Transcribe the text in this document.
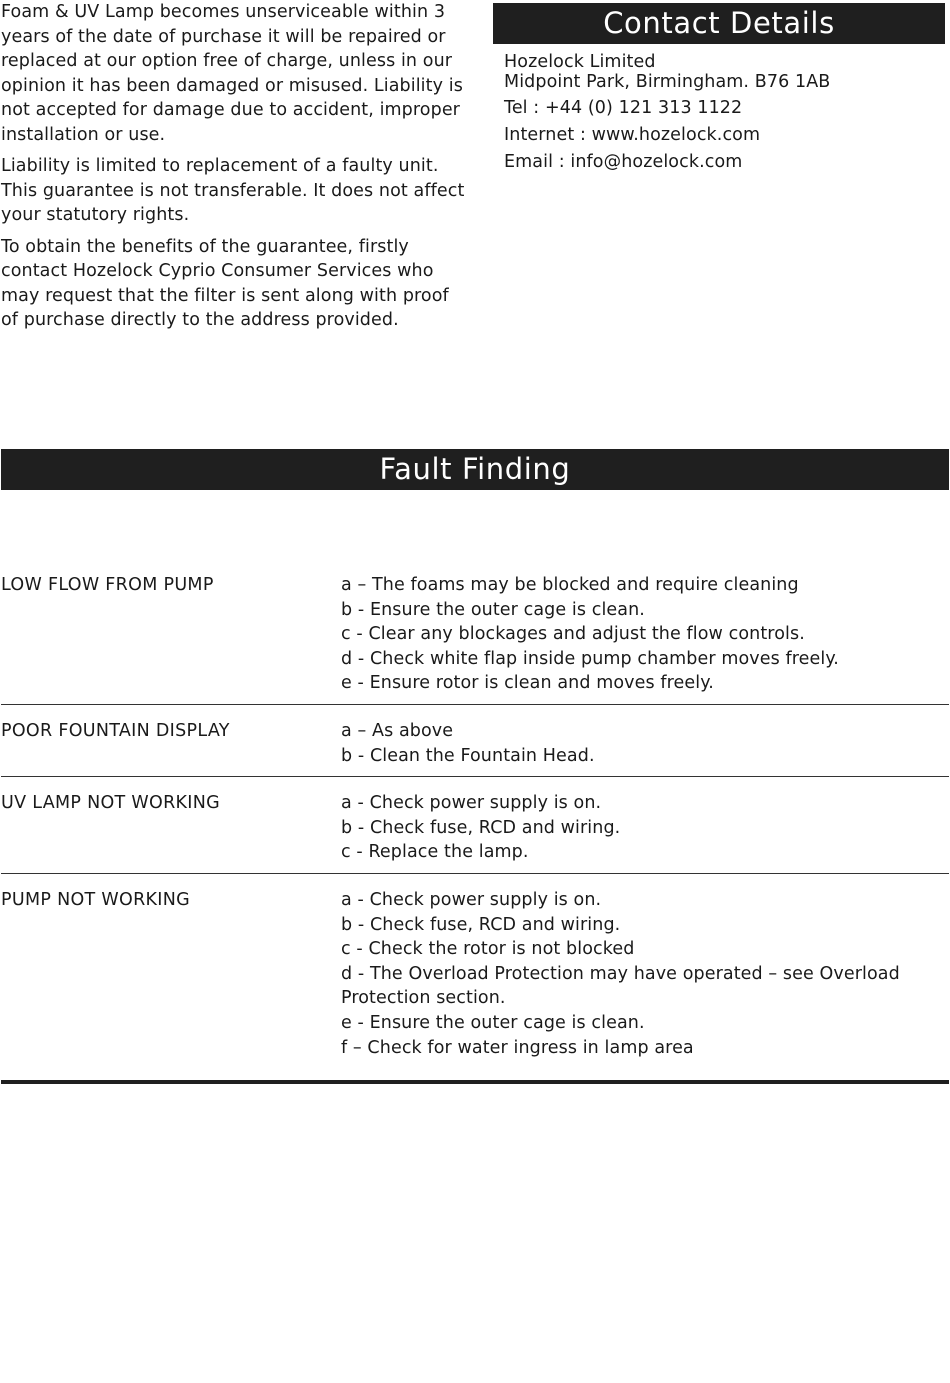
Foam & UV Lamp becomes unserviceable within 3 years of the date of purchase it will be repaired or replaced at our option free of charge, unless in our opinion it has been damaged or misused. Liability is not accepted for damage due to accident, improper installation or use.

Liability is limited to replacement of a faulty unit. This guarantee is not transferable. It does not affect your statutory rights.

To obtain the benefits of the guarantee, firstly contact Hozelock Cyprio Consumer Services who may request that the filter is sent along with proof of purchase directly to the address provided.

Contact Details
Hozelock Limited
Midpoint Park, Birmingham. B76 1AB
Tel : +44 (0) 121 313 1122
Internet : www.hozelock.com
Email : info@hozelock.com
Fault Finding
LOW FLOW FROM PUMP	a – The foams may be blocked and require cleaning
b - Ensure the outer cage is clean.
c - Clear any blockages and adjust the flow controls.
d - Check white flap inside pump chamber moves freely.
e - Ensure rotor is clean and moves freely.
POOR FOUNTAIN DISPLAY	a – As above
b - Clean the Fountain Head.
UV LAMP NOT WORKING	a - Check power supply is on.
b - Check fuse, RCD and wiring.
c - Replace the lamp.
PUMP NOT WORKING	a - Check power supply is on.
b - Check fuse, RCD and wiring.
c - Check the rotor is not blocked
d - The Overload Protection may have operated – see Overload Protection section.
e - Ensure the outer cage is clean.
f – Check for water ingress in lamp area
